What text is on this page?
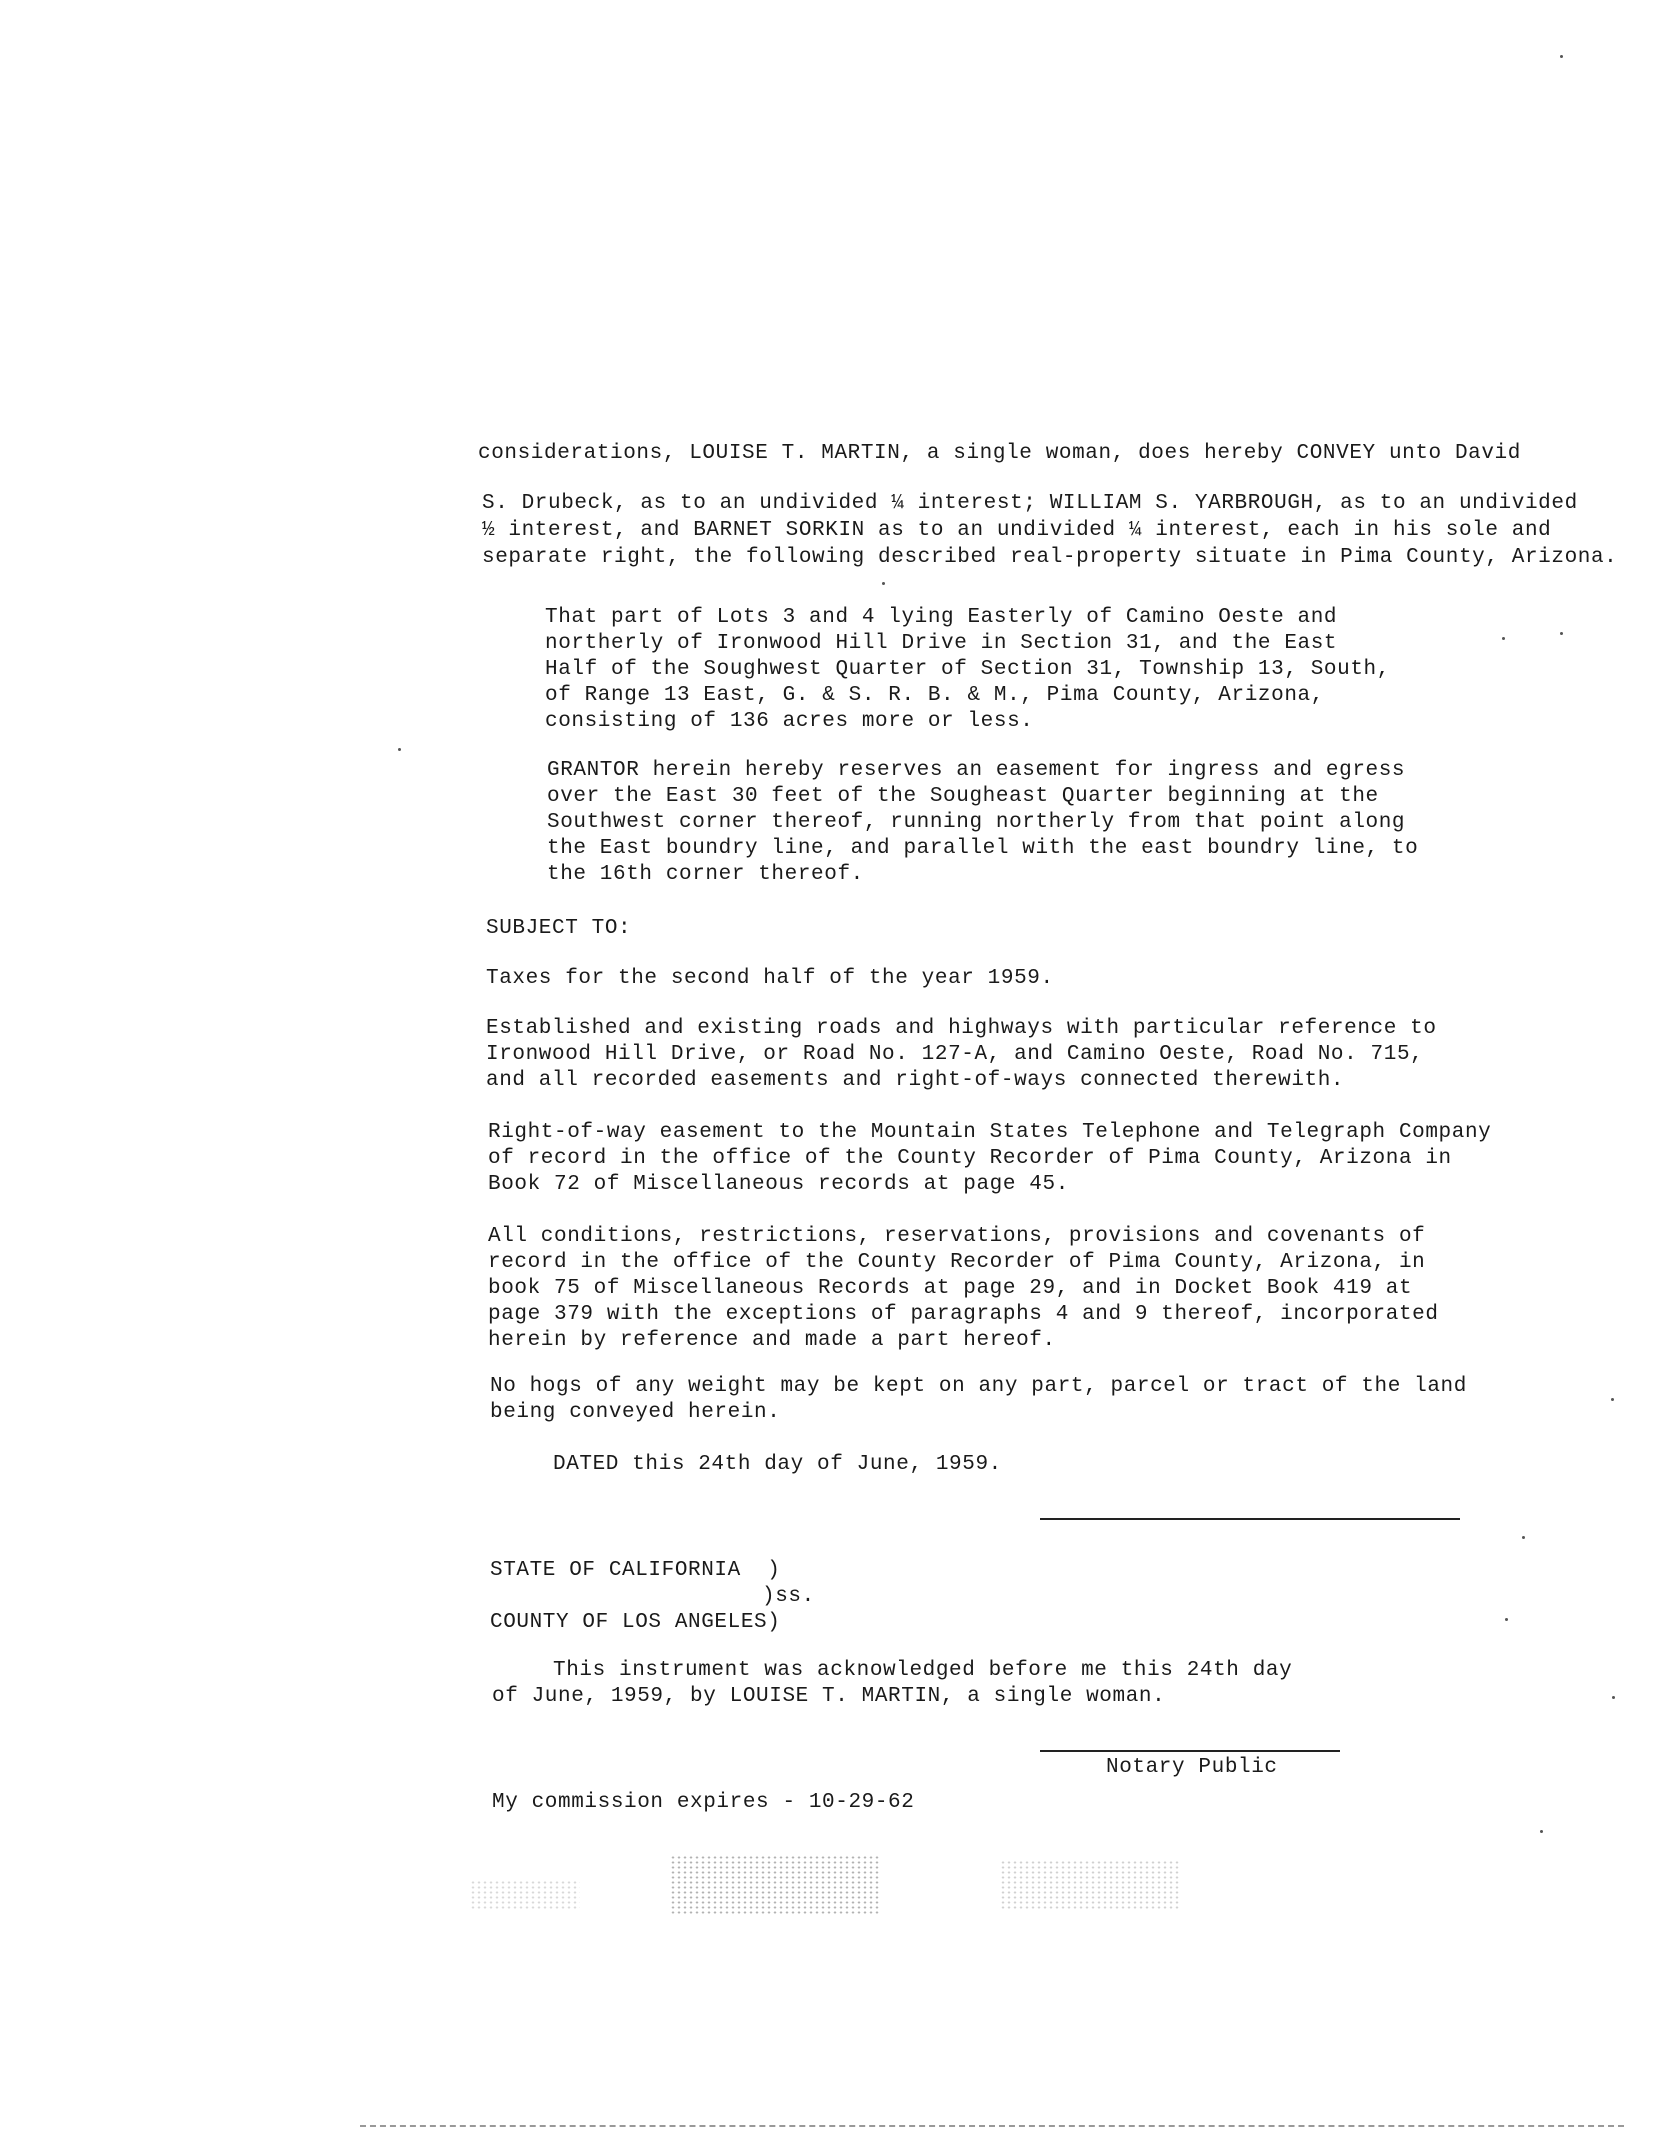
considerations, LOUISE T. MARTIN, a single woman, does hereby CONVEY unto David
S. Drubeck, as to an undivided ¼ interest; WILLIAM S. YARBROUGH, as to an undivided
½ interest, and BARNET SORKIN as to an undivided ¼ interest, each in his sole and
separate right, the following described real-property situate in Pima County, Arizona.
That part of Lots 3 and 4 lying Easterly of Camino Oeste and
northerly of Ironwood Hill Drive in Section 31, and the East
Half of the Soughwest Quarter of Section 31, Township 13, South,
of Range 13 East, G. & S. R. B. & M., Pima County, Arizona,
consisting of 136 acres more or less.
GRANTOR herein hereby reserves an easement for ingress and egress
over the East 30 feet of the Sougheast Quarter beginning at the
Southwest corner thereof, running northerly from that point along
the East boundry line, and parallel with the east boundry line, to
the 16th corner thereof.
SUBJECT TO:
Taxes for the second half of the year 1959.
Established and existing roads and highways with particular reference to
Ironwood Hill Drive, or Road No. 127-A, and Camino Oeste, Road No. 715,
and all recorded easements and right-of-ways connected therewith.
Right-of-way easement to the Mountain States Telephone and Telegraph Company
of record in the office of the County Recorder of Pima County, Arizona in
Book 72 of Miscellaneous records at page 45.
All conditions, restrictions, reservations, provisions and covenants of
record in the office of the County Recorder of Pima County, Arizona, in
book 75 of Miscellaneous Records at page 29, and in Docket Book 419 at
page 379 with the exceptions of paragraphs 4 and 9 thereof, incorporated
herein by reference and made a part hereof.
No hogs of any weight may be kept on any part, parcel or tract of the land
being conveyed herein.
DATED this 24th day of June, 1959.
STATE OF CALIFORNIA  )
)ss.
COUNTY OF LOS ANGELES)
This instrument was acknowledged before me this 24th day
of June, 1959, by LOUISE T. MARTIN, a single woman.
Notary Public
My commission expires - 10-29-62
